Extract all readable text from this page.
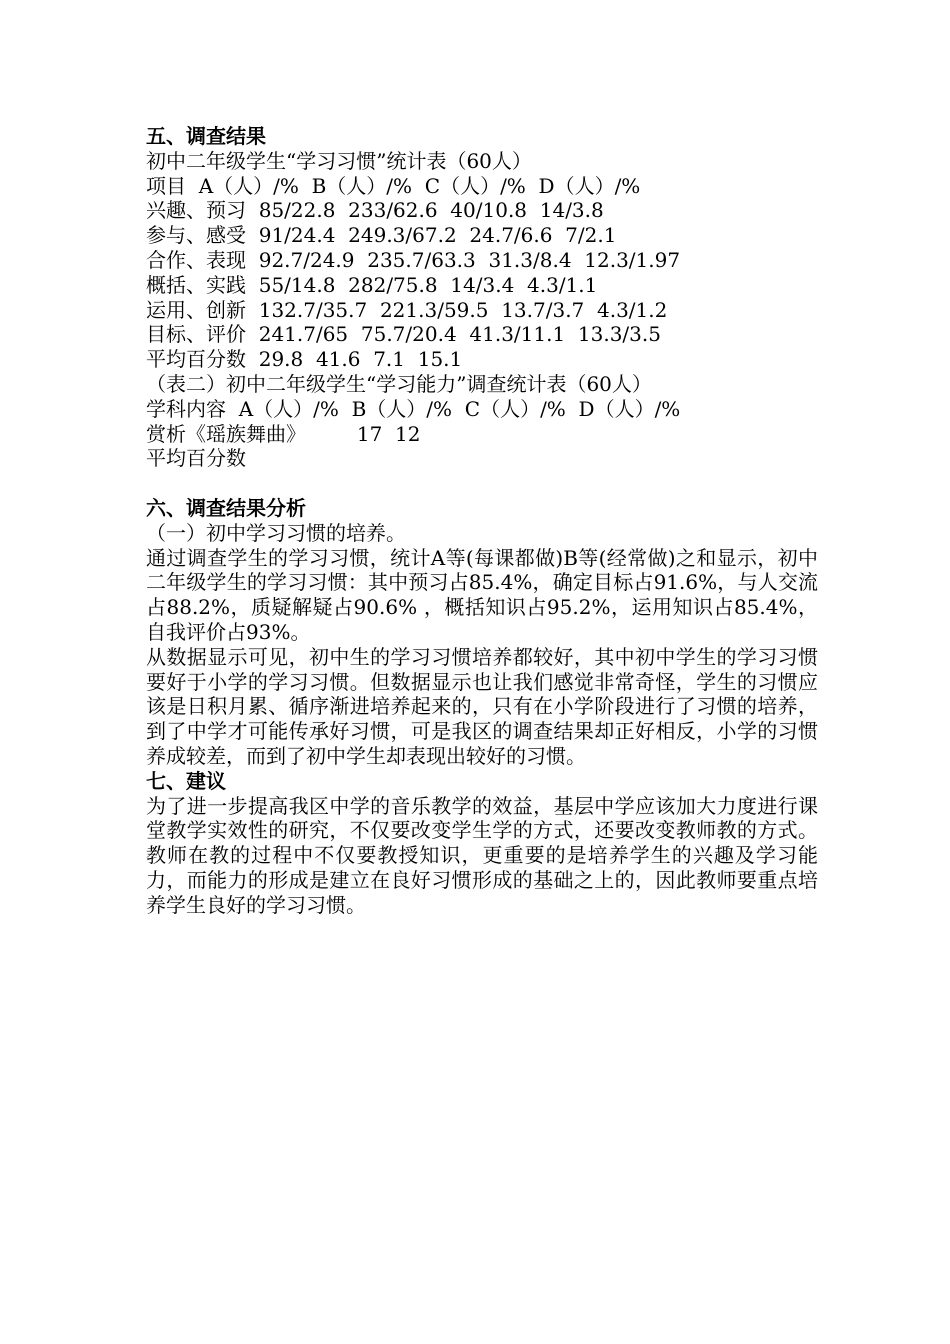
五、调查结果

初中二年级学生“学习习惯”统计表（60人）

项目  A（人）/%  B（人）/%  C（人）/%  D（人）/%

兴趣、预习  85/22.8  233/62.6  40/10.8  14/3.8

参与、感受  91/24.4  249.3/67.2  24.7/6.6  7/2.1

合作、表现  92.7/24.9  235.7/63.3  31.3/8.4  12.3/1.97

概括、实践  55/14.8  282/75.8  14/3.4  4.3/1.1

运用、创新  132.7/35.7  221.3/59.5  13.7/3.7  4.3/1.2

目标、评价  241.7/65  75.7/20.4  41.3/11.1  13.3/3.5

平均百分数  29.8  41.6  7.1  15.1

（表二）初中二年级学生“学习能力”调查统计表（60人）

学科内容  A（人）/%  B（人）/%  C（人）/%  D（人）/%

赏析《瑶族舞曲》        17  12

平均百分数

六、调查结果分析

（一）初中学习习惯的培养。

通过调查学生的学习习惯，统计A等(每课都做)B等(经常做)之和显示，初中二年级学生的学习习惯：其中预习占85.4%，确定目标占91.6%，与人交流占88.2%，质疑解疑占90.6% ，概括知识占95.2%，运用知识占85.4%，自我评价占93%。

从数据显示可见，初中生的学习习惯培养都较好，其中初中学生的学习习惯要好于小学的学习习惯。但数据显示也让我们感觉非常奇怪，学生的习惯应该是日积月累、循序渐进培养起来的，只有在小学阶段进行了习惯的培养，到了中学才可能传承好习惯，可是我区的调查结果却正好相反，小学的习惯养成较差，而到了初中学生却表现出较好的习惯。

七、建议

为了进一步提高我区中学的音乐教学的效益，基层中学应该加大力度进行课堂教学实效性的研究，不仅要改变学生学的方式，还要改变教师教的方式。教师在教的过程中不仅要教授知识，更重要的是培养学生的兴趣及学习能力，而能力的形成是建立在良好习惯形成的基础之上的，因此教师要重点培养学生良好的学习习惯。
